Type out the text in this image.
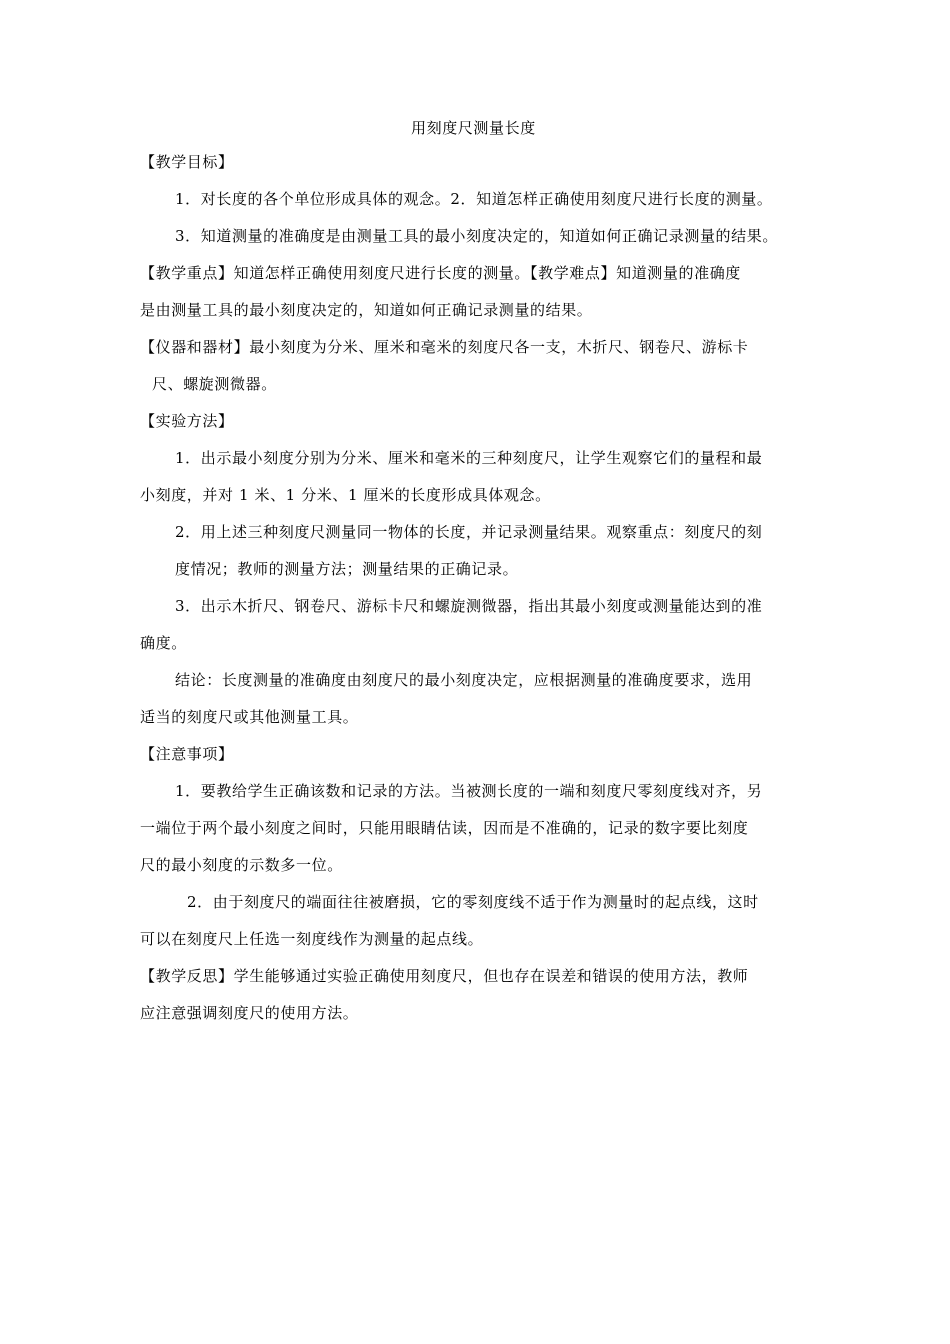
用刻度尺测量长度
【教学目标】
1．对长度的各个单位形成具体的观念。2．知道怎样正确使用刻度尺进行长度的测量。
3．知道测量的准确度是由测量工具的最小刻度决定的，知道如何正确记录测量的结果。
【教学重点】知道怎样正确使用刻度尺进行长度的测量。【教学难点】知道测量的准确度
是由测量工具的最小刻度决定的，知道如何正确记录测量的结果。
【仪器和器材】最小刻度为分米、厘米和毫米的刻度尺各一支，木折尺、钢卷尺、游标卡
尺、螺旋测微器。
【实验方法】
1．出示最小刻度分别为分米、厘米和毫米的三种刻度尺，让学生观察它们的量程和最
小刻度，并对 1 米、1 分米、1 厘米的长度形成具体观念。
2．用上述三种刻度尺测量同一物体的长度，并记录测量结果。观察重点：刻度尺的刻
度情况；教师的测量方法；测量结果的正确记录。
3．出示木折尺、钢卷尺、游标卡尺和螺旋测微器，指出其最小刻度或测量能达到的准
确度。
结论：长度测量的准确度由刻度尺的最小刻度决定，应根据测量的准确度要求，选用
适当的刻度尺或其他测量工具。
【注意事项】
1．要教给学生正确该数和记录的方法。当被测长度的一端和刻度尺零刻度线对齐，另
一端位于两个最小刻度之间时，只能用眼睛估读，因而是不准确的，记录的数字要比刻度
尺的最小刻度的示数多一位。
2．由于刻度尺的端面往往被磨损，它的零刻度线不适于作为测量时的起点线，这时
可以在刻度尺上任选一刻度线作为测量的起点线。
【教学反思】学生能够通过实验正确使用刻度尺，但也存在误差和错误的使用方法，教师
应注意强调刻度尺的使用方法。
